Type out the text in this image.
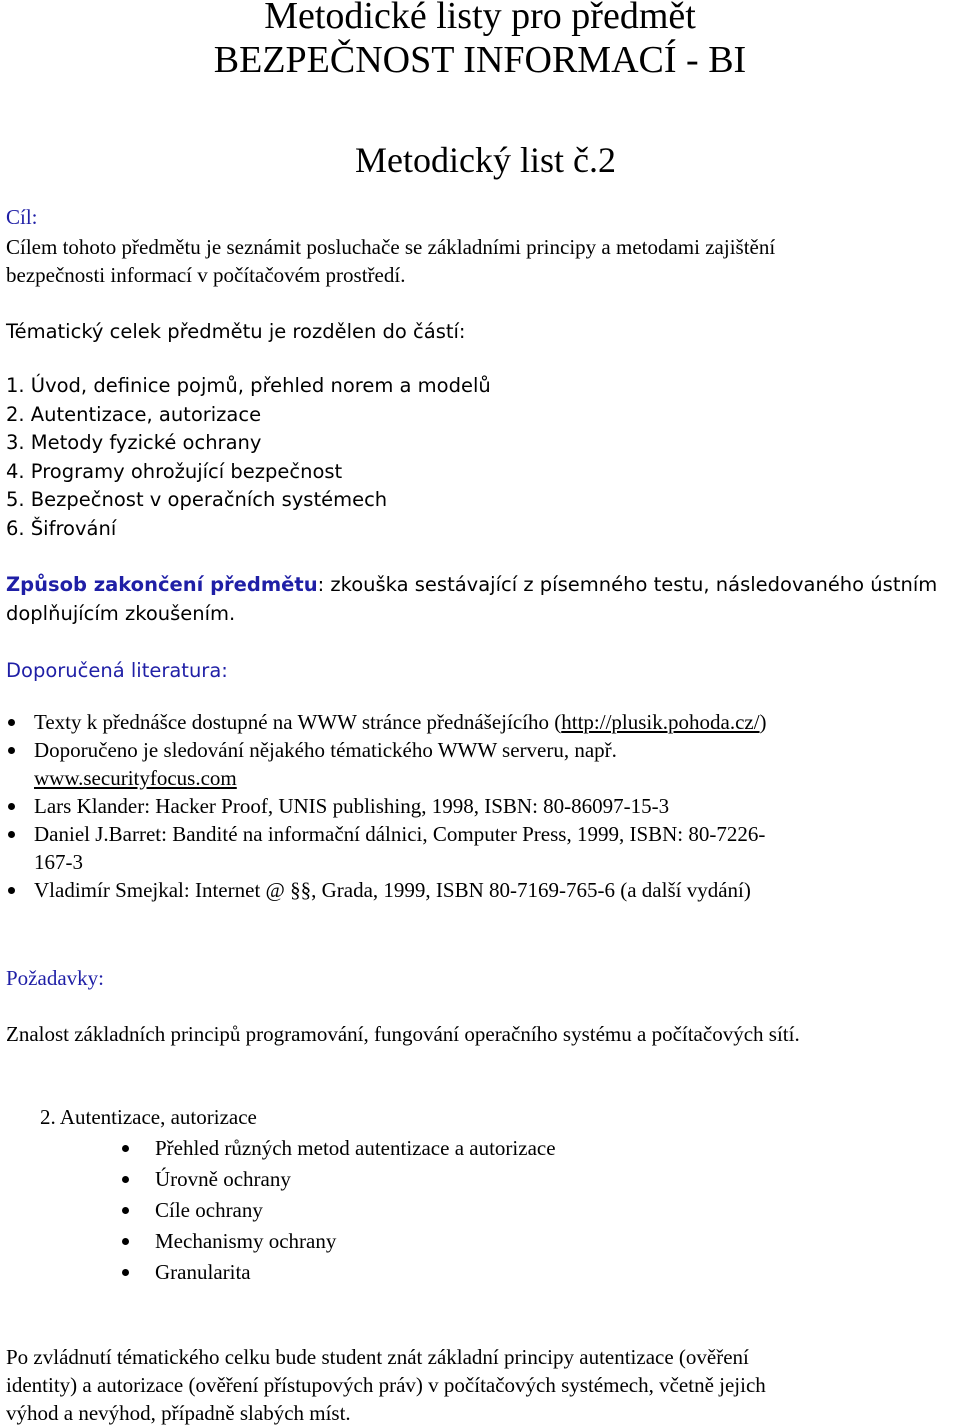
Metodické listy pro předmět
BEZPEČNOST INFORMACÍ - BI
Metodický list č.2
Cíl:
Cílem tohoto předmětu je seznámit posluchače se základními principy a metodami zajištění
bezpečnosti informací v počítačovém prostředí.
Tématický celek předmětu je rozdělen do částí:
1. Úvod, definice pojmů, přehled norem a modelů
2. Autentizace, autorizace
3. Metody fyzické ochrany
4. Programy ohrožující bezpečnost
5. Bezpečnost v operačních systémech
6. Šifrování
Způsob zakončení předmětu: zkouška sestávající z písemného testu, následovaného ústním
doplňujícím zkoušením.
Doporučená literatura:
Texty k přednášce dostupné na WWW stránce přednášejícího (http://plusik.pohoda.cz/)
Doporučeno je sledování nějakého tématického WWW serveru, např.
www.securityfocus.com
Lars Klander: Hacker Proof, UNIS publishing, 1998, ISBN: 80-86097-15-3
Daniel J.Barret: Bandité na informační dálnici, Computer Press, 1999, ISBN: 80-7226-
167-3
Vladimír Smejkal: Internet @ §§, Grada, 1999, ISBN 80-7169-765-6 (a další vydání)
Požadavky:
Znalost základních principů programování, fungování operačního systému a počítačových sítí.
2. Autentizace, autorizace
Přehled různých metod autentizace a autorizace
Úrovně ochrany
Cíle ochrany
Mechanismy ochrany
Granularita
Po zvládnutí tématického celku bude student znát základní principy autentizace (ověření
identity) a autorizace (ověření přístupových práv) v počítačových systémech, včetně jejich
výhod a nevýhod, případně slabých míst.
